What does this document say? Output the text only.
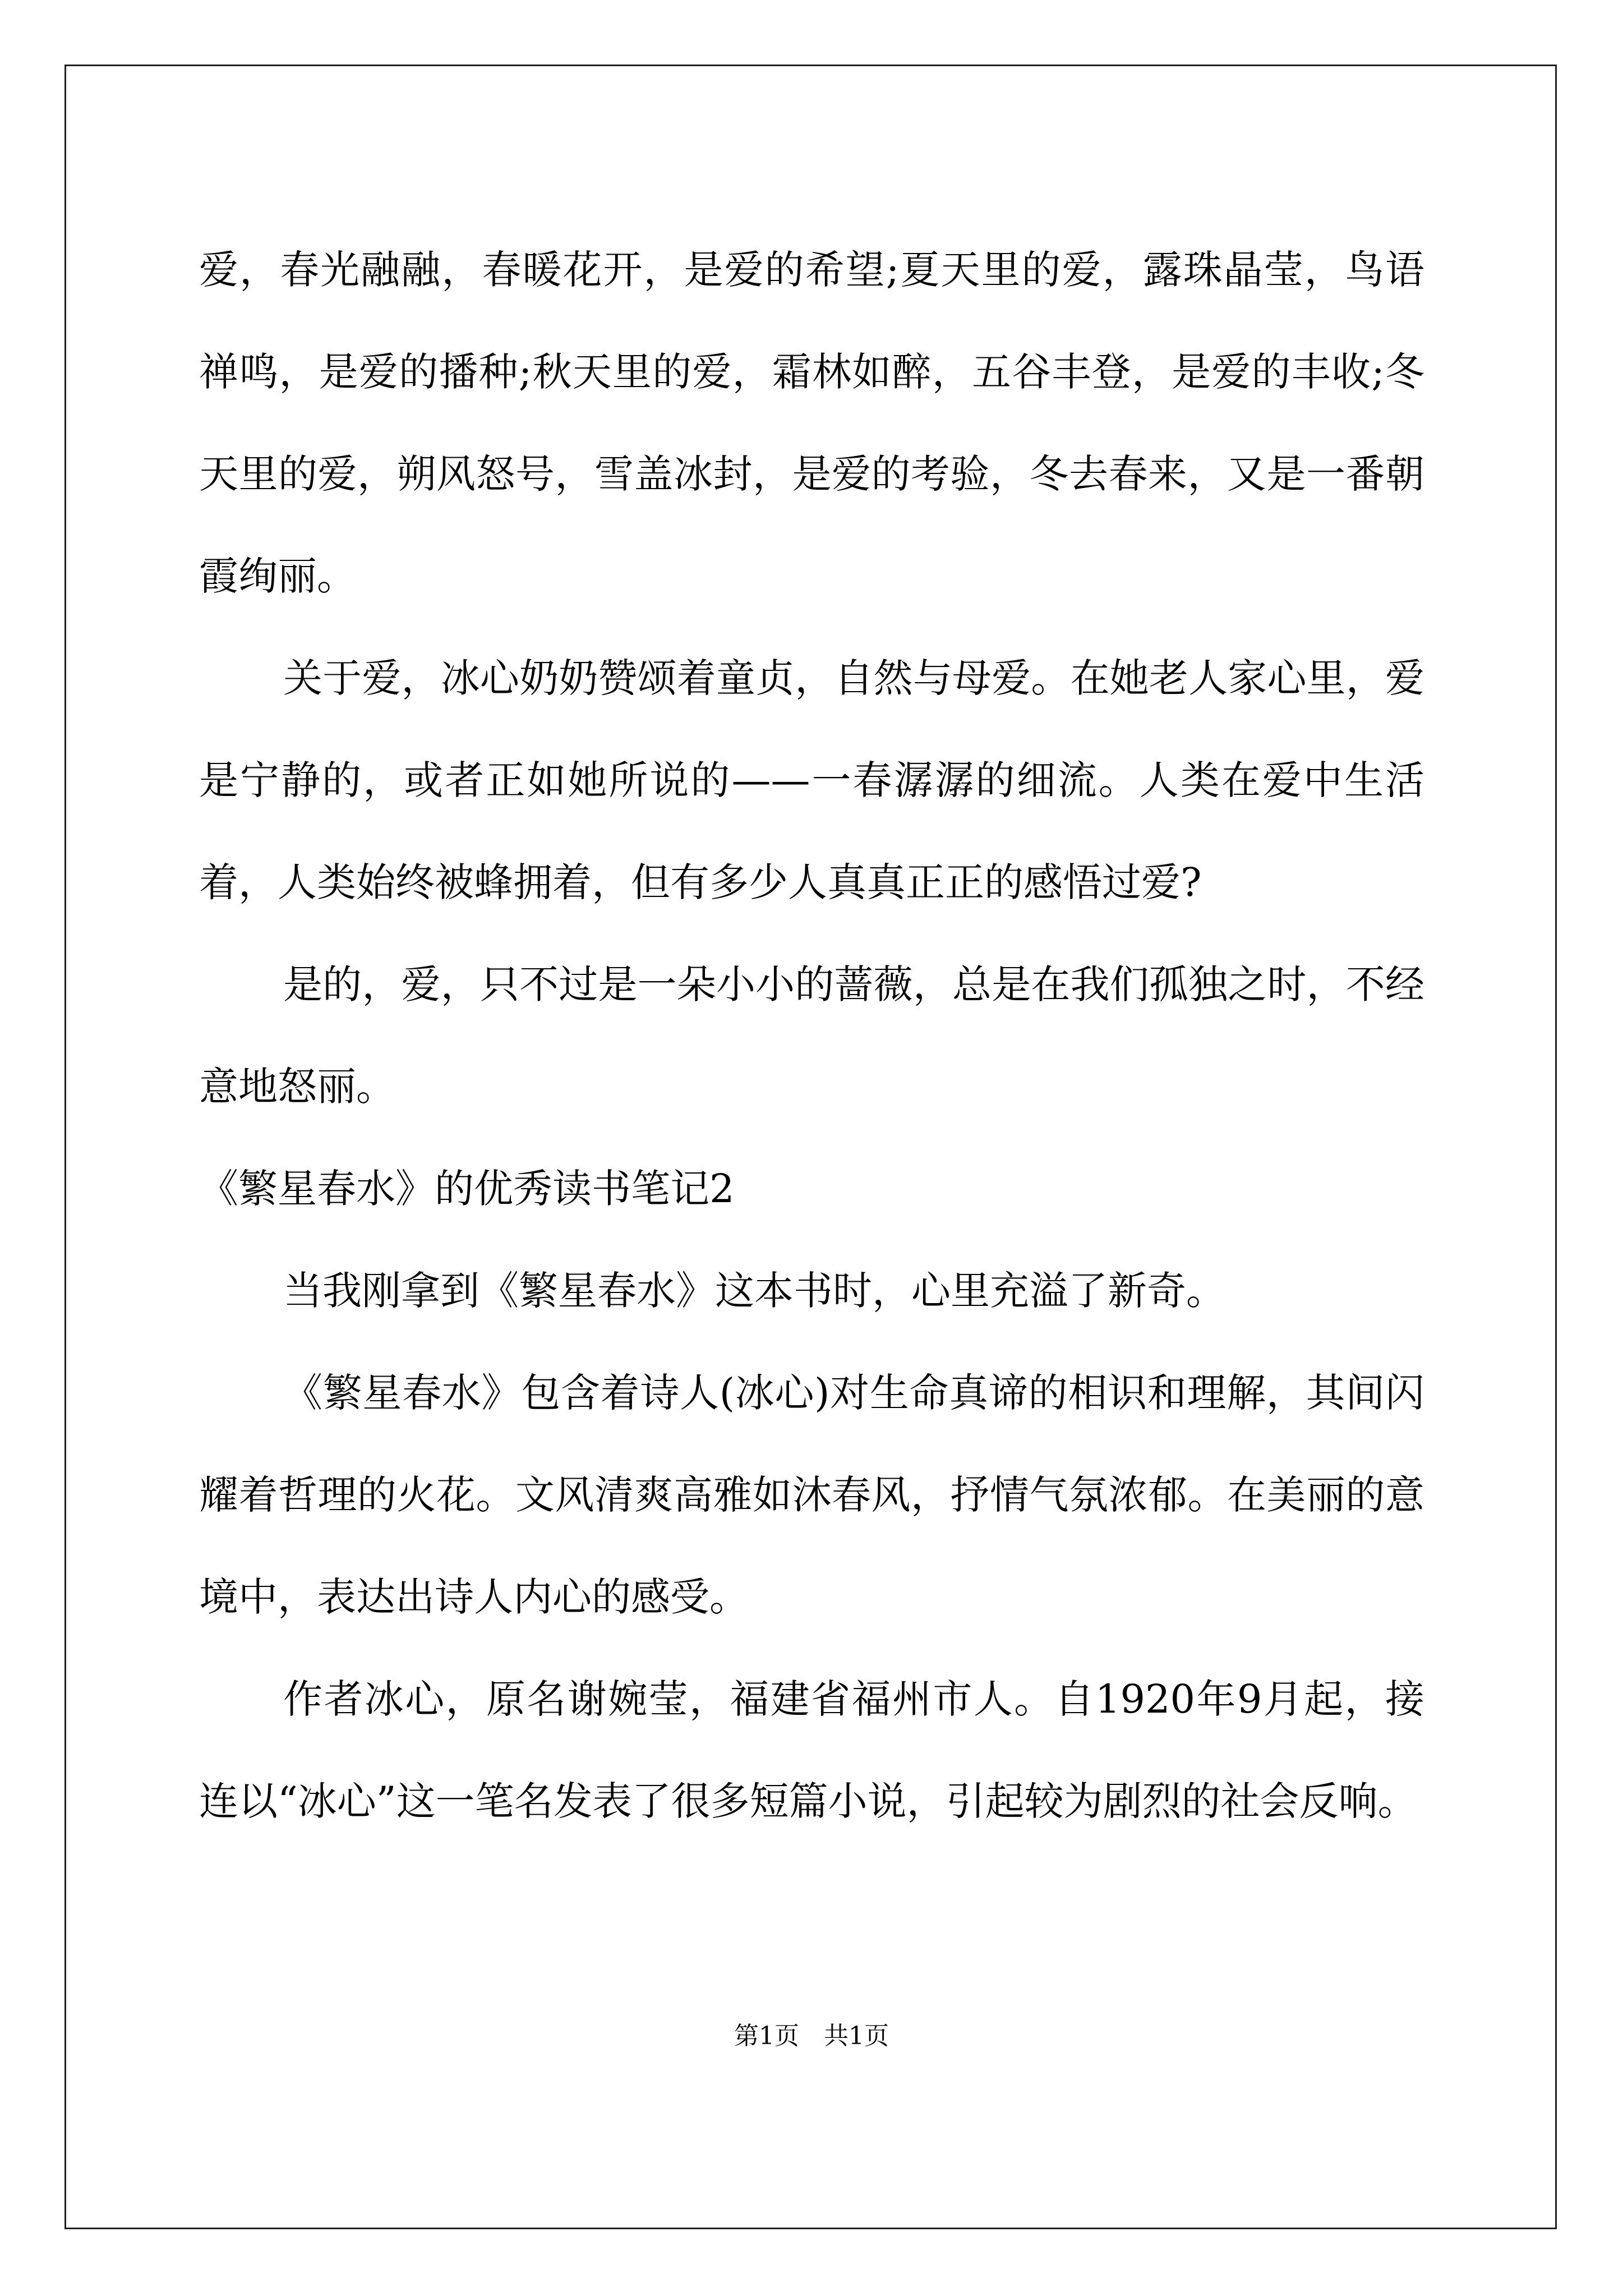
爱，春光融融，春暖花开，是爱的希望;夏天里的爱，露珠晶莹，鸟语禅鸣，是爱的播种;秋天里的爱，霜林如醉，五谷丰登，是爱的丰收;冬天里的爱，朔风怒号，雪盖冰封，是爱的考验，冬去春来，又是一番朝霞绚丽。

关于爱，冰心奶奶赞颂着童贞，自然与母爱。在她老人家心里，爱是宁静的，或者正如她所说的——一春潺潺的细流。人类在爱中生活着，人类始终被蜂拥着，但有多少人真真正正的感悟过爱?

是的，爱，只不过是一朵小小的蔷薇，总是在我们孤独之时，不经意地怒丽。

《繁星春水》的优秀读书笔记2

当我刚拿到《繁星春水》这本书时，心里充溢了新奇。

《繁星春水》包含着诗人(冰心)对生命真谛的相识和理解，其间闪耀着哲理的火花。文风清爽高雅如沐春风，抒情气氛浓郁。在美丽的意境中，表达出诗人内心的感受。

作者冰心，原名谢婉莹，福建省福州市人。自1920年9月起，接连以“冰心”这一笔名发表了很多短篇小说，引起较为剧烈的社会反响。

第1页 共1页
